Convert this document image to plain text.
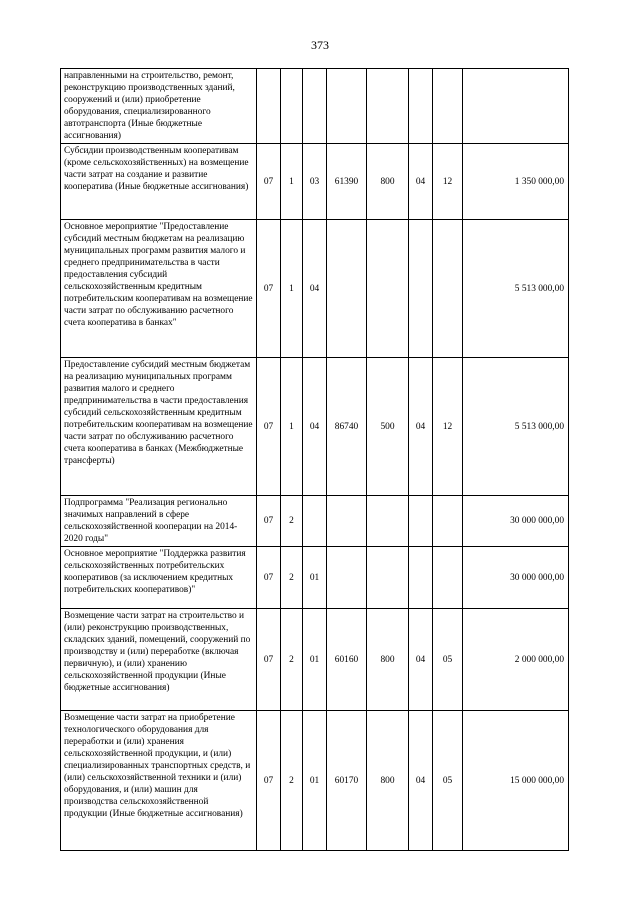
373
направленными на строительство, ремонт, реконструкцию производственных зданий, сооружений и (или) приобретение оборудования, специализированного автотранспорта (Иные бюджетные ассигнования)								
Субсидии производственным кооперативам (кроме сельскохозяйственных) на возмещение части затрат на создание и развитие кооператива (Иные бюджетные ассигнования)	07	1	03	61390	800	04	12	1 350 000,00
Основное мероприятие "Предоставление субсидий местным бюджетам на реализацию муниципальных программ развития малого и среднего предпринимательства в части предоставления субсидий сельскохозяйственным кредитным потребительским кооперативам на возмещение части затрат по обслуживанию расчетного счета кооператива в банках"	07	1	04					5 513 000,00
Предоставление субсидий местным бюджетам на реализацию муниципальных программ развития малого и среднего предпринимательства в части предоставления субсидий сельскохозяйственным кредитным потребительским кооперативам на возмещение части затрат по обслуживанию расчетного счета кооператива в банках (Межбюджетные трансферты)	07	1	04	86740	500	04	12	5 513 000,00
Подпрограмма "Реализация регионально значимых направлений в сфере сельскохозяйственной кооперации на 2014-2020 годы"	07	2						30 000 000,00
Основное мероприятие "Поддержка развития сельскохозяйственных потребительских кооперативов (за исключением кредитных потребительских кооперативов)"	07	2	01					30 000 000,00
Возмещение части затрат на строительство и (или) реконструкцию производственных, складских зданий, помещений, сооружений по производству и (или) переработке (включая первичную), и (или) хранению сельскохозяйственной продукции (Иные бюджетные ассигнования)	07	2	01	60160	800	04	05	2 000 000,00
Возмещение части затрат на приобретение технологического оборудования для переработки и (или) хранения сельскохозяйственной продукции, и (или) специализированных транспортных средств, и (или) сельскохозяйственной техники и (или) оборудования, и (или) машин для производства сельскохозяйственной продукции (Иные бюджетные ассигнования)	07	2	01	60170	800	04	05	15 000 000,00
